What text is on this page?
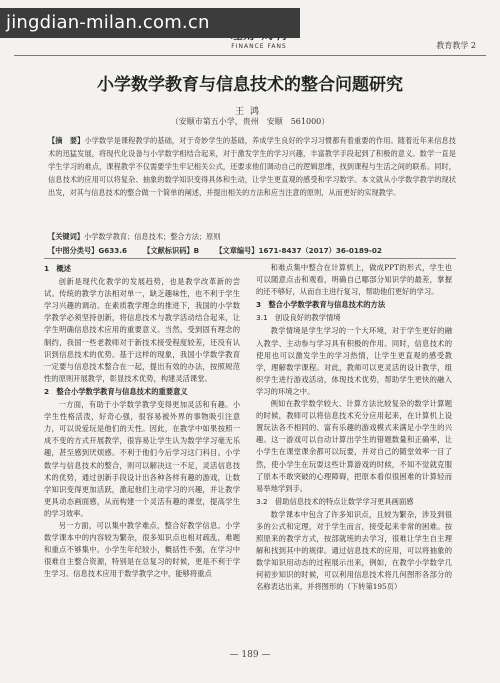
FINANCE FANS	教育教学 2
jingdian-milan.com.cn
小学数学教育与信息技术的整合问题研究
王鸿
（安顺市第五小学，贵州　安顺　561000）
【摘　要】小学数学是课程教学的基础，对于奇妙学生的基础，养成学生良好的学习习惯都有着重要的作用。随着近年来信息技术的迅猛发展，将现代化设备与小学数学相结合起来，对于激发学生的学习兴趣，丰富教学手段起到了积极的意义。数学一直是学生学习的难点，课程教学不仅需要学生牢记相关公式，还要求他们调动自己的逻辑思维，找到课程与生活之间的联系。同时，信息技术的应用可以将复杂、抽象的数学知识变得具体和生动，让学生更直观的感受和学习数学。本文就从小学数学教学的现状出发，对其与信息技术的整合做一个简单的阐述，并提出相关的方法和应当注意的原则，从而更好的实现教学。
【关键词】小学数学教育；信息技术；整合方法；原则
【中图分类号】G633.6 【文献标识码】B 【文章编号】1671-8437（2017）36-0189-02

1　概述

创新是现代化教学的发展趋势，也是教学改革新的尝试。传统的教学方法相对单一，缺乏趣味性，也不利于学生学习兴趣的调动。在素质教学理念的推进下，我国的小学数学教学必须坚持创新，将信息技术与教学活动结合起来，让学生明确信息技术应用的重要意义。当然，受到固有理念的制约，我国一些老教师对于新技术接受程度较差，还没有认识到信息技术的优势。基于这样的现象，我国小学数学教育一定要与信息技术整合在一起，提出有效的办法，按照规范性的原则开展教学，彰显技术优势，构建灵活课堂。

2　整合小学数学教育与信息技术的重要意义

一方面，有助于小学数学教学变得更加灵活和有趣。小学生性格活泼，好奇心强，很容易被外界的事物吸引注意力，可以说爱玩是他们的天性。因此，在教学中如果按照一成不变的方式开展教学，很容易让学生认为数学学习毫无乐趣，甚至感到厌烦感。不利于他们今后学习这门科目。小学数学与信息技术的整合，则可以解决这一不足，灵活信息技术的优势，通过创新手段设计出各种各样有趣的游戏，让数学知识变得更加活跃，激起他们主动学习的兴趣，并让教学更具动态画面感，从而构建一个灵活有趣的课堂，提高学生的学习效率。

另一方面，可以集中教学难点，整合好教学信息。小学数学课本中的内容较为繁杂，很多知识点也相对疏乱，难题和重点不够集中。小学生年纪较小，概括性不强，在学习中很难自主整合资源，特别是在总复习的时候，更是不利于学生学习。信息技术应用于数学教学之中，能够将重点

和难点集中整合在计算机上，做成PPT的形式，学生也可以随意点击和观看，明确自己哪部分知识学的最差，掌握的还不够好，从而自主进行复习，帮助他们更好的学习。

3　整合小学数学教育与信息技术的方法

3.1　创设良好的教学情境

教学情境是学生学习的一个大环境，对于学生更好的融入教学、主动参与学习具有积极的作用。同时，信息技术的使用也可以激发学生的学习热情，让学生更直观的感受教学，理解数学课程。对此，教师可以更灵活的设计教学，组织学生进行游戏活动，体现技术优势，帮助学生更快的融入学习的环境之中。

例如在教学数学较大、计算方法比较复杂的数学计算题的时候，教师可以将信息技术充分应用起来，在计算机上设置玩法各不相同的、富有乐趣的游戏模式来满足小学生的兴趣。这一游戏可以自动计算出学生的错题数量和正确率，让小学生在课堂课余都可以玩要，并对自己的随堂效率一目了然，使小学生在玩耍这些计算游戏的时候，不知不觉就克服了原本不敢突破的心理障碍，把原本看似很困难的计算轻而易举地学到手。

3.2　借助信息技术的特点让数学学习更具画面感

数学课本中包含了许多知识点，且较为繁杂，涉及到很多的公式和定理，对于学生而言，接受起来非常的困难。按照原来的教学方式，按部就班的去学习，很难让学生自主理解和找到其中的规律。通过信息技术的应用，可以将抽象的数学知识用动态的过程展示出来，例如，在教学小学数学几何初步知识的时候，可以利用信息技术将几何图形各部分的名称表达出来，并将图形的（下转第195页）

— 189 —
